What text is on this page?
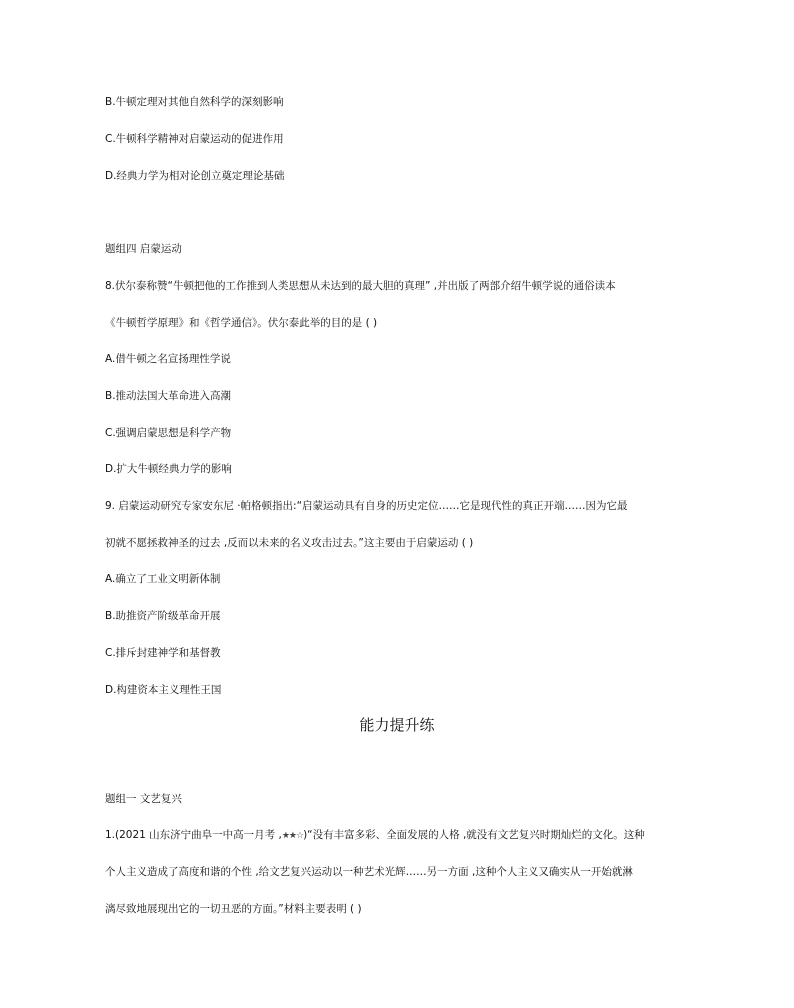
B.牛顿定理对其他自然科学的深刻影响
C.牛顿科学精神对启蒙运动的促进作用
D.经典力学为相对论创立奠定理论基础
题组四 启蒙运动
8.伏尔泰称赞“牛顿把他的工作推到人类思想从未达到的最大胆的真理” ,并出版了两部介绍牛顿学说的通俗读本
《牛顿哲学原理》和《哲学通信》。伏尔泰此举的目的是 ( )
A.借牛顿之名宣扬理性学说
B.推动法国大革命进入高潮
C.强调启蒙思想是科学产物
D.扩大牛顿经典力学的影响
9. 启蒙运动研究专家安东尼 ·帕格顿指出:“启蒙运动具有自身的历史定位……它是现代性的真正开端……因为它最
初就不愿拯救神圣的过去 ,反而以未来的名义攻击过去。”这主要由于启蒙运动 ( )
A.确立了工业文明新体制
B.助推资产阶级革命开展
C.排斥封建神学和基督教
D.构建资本主义理性王国
能力提升练
题组一 文艺复兴
1.(2021 山东济宁曲阜一中高一月考 ,★★☆)“没有丰富多彩、全面发展的人格 ,就没有文艺复兴时期灿烂的文化。这种
个人主义造成了高度和谐的个性 ,给文艺复兴运动以一种艺术光辉……另一方面 ,这种个人主义又确实从一开始就淋
漓尽致地展现出它的一切丑恶的方面。”材料主要表明 ( )
